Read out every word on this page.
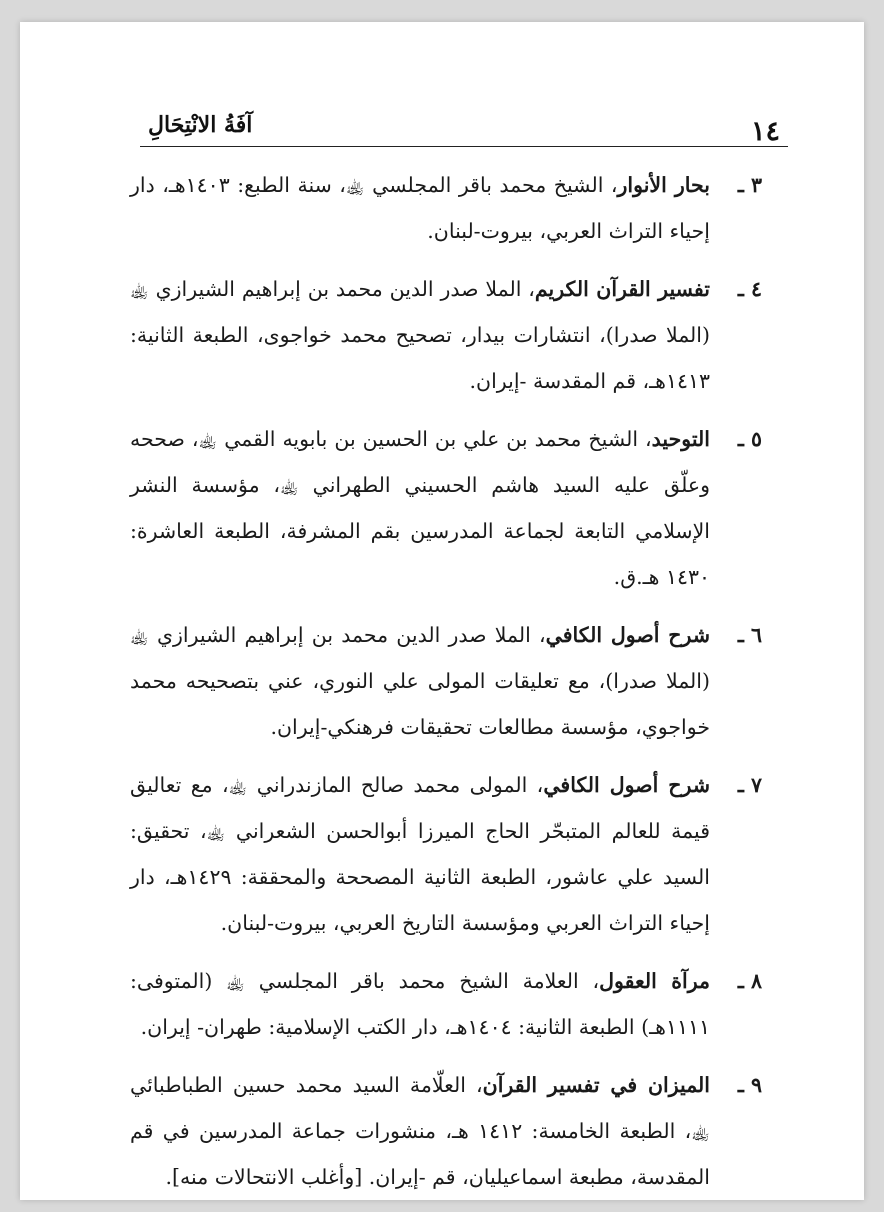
١٤
آفَةُ الانْتِحَالِ
٣ ـ
بحار الأنوار، الشيخ محمد باقر المجلسي ﵀، سنة الطبع: ١٤٠٣هـ، دار إحياء التراث العربي، بيروت-لبنان.
٤ ـ
تفسير القرآن الكريم، الملا صدر الدين محمد بن إبراهيم الشيرازي ﵀ (الملا صدرا)، انتشارات بيدار، تصحيح محمد خواجوى، الطبعة الثانية: ١٤١٣هـ، قم المقدسة -إيران.
٥ ـ
التوحيد، الشيخ محمد بن علي بن الحسين بن بابويه القمي ﵀، صححه وعلّق عليه السيد هاشم الحسيني الطهراني ﵀، مؤسسة النشر الإسلامي التابعة لجماعة المدرسين بقم المشرفة، الطبعة العاشرة: ١٤٣٠ هـ.ق.
٦ ـ
شرح أصول الكافي، الملا صدر الدين محمد بن إبراهيم الشيرازي ﵀ (الملا صدرا)، مع تعليقات المولى علي النوري، عني بتصحيحه محمد خواجوي، مؤسسة مطالعات تحقيقات فرهنكي-إيران.
٧ ـ
شرح أصول الكافي، المولى محمد صالح المازندراني ﵀، مع تعاليق قيمة للعالم المتبحّر الحاج الميرزا أبوالحسن الشعراني ﵀، تحقيق: السيد علي عاشور، الطبعة الثانية المصححة والمحققة: ١٤٢٩هـ، دار إحياء التراث العربي ومؤسسة التاريخ العربي، بيروت-لبنان.
٨ ـ
مرآة العقول، العلامة الشيخ محمد باقر المجلسي ﵀ (المتوفى: ١١١١هـ) الطبعة الثانية: ١٤٠٤هـ، دار الكتب الإسلامية: طهران- إيران.
٩ ـ
الميزان في تفسير القرآن، العلّامة السيد محمد حسين الطباطبائي ﵀، الطبعة الخامسة: ١٤١٢ هـ، منشورات جماعة المدرسين في قم المقدسة، مطبعة اسماعيليان، قم -إيران. [وأغلب الانتحالات منه].
